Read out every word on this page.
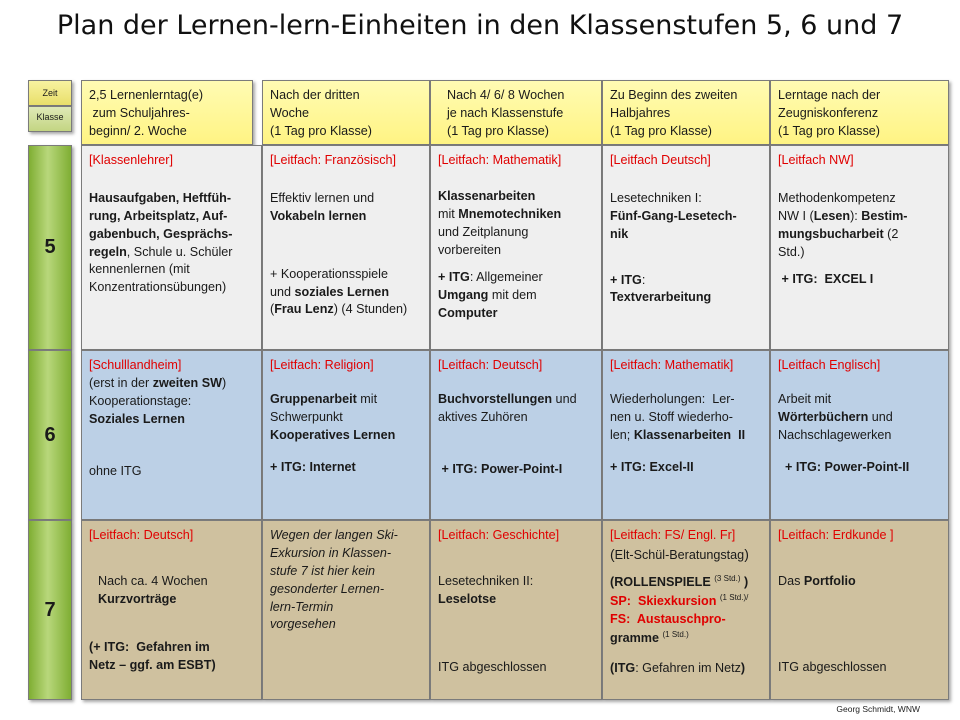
Plan der Lernen-lern-Einheiten in den Klassenstufen 5, 6 und 7
Zeit
Klasse
5
6
7
2,5 Lernenlerntag(e)
zum Schuljahres-
beginn/ 2. Woche
Nach der dritten
Woche
(1 Tag pro Klasse)
Nach 4/ 6/ 8 Wochen
je nach Klassenstufe
(1 Tag pro Klasse)
Zu Beginn des zweiten
Halbjahres
(1 Tag pro Klasse)
Lerntage nach der
Zeugniskonferenz
(1 Tag pro Klasse)
[Klassenlehrer]
Hausaufgaben, Heftfüh-
rung, Arbeitsplatz, Auf-
gabenbuch, Gesprächs-
regeln, Schule u. Schüler
kennenlernen (mit
Konzentrationsübungen)
[Leitfach: Französisch]
Effektiv lernen und
Vokabeln lernen
+ Kooperationsspiele
und soziales Lernen
(Frau Lenz) (4 Stunden)
[Leitfach: Mathematik]
Klassenarbeiten
mit Mnemotechniken
und Zeitplanung
vorbereiten
+ ITG: Allgemeiner
Umgang mit dem
Computer
[Leitfach Deutsch]
Lesetechniken I:
Fünf-Gang-Lesetech-
nik
+ ITG:
Textverarbeitung
[Leitfach NW]
Methodenkompetenz
NW I (Lesen): Bestim-
mungsbucharbeit (2
Std.)
+ ITG:  EXCEL I
[Schulllandheim]
(erst in der zweiten SW)
Kooperationstage:
Soziales Lernen
ohne ITG
[Leitfach: Religion]
Gruppenarbeit mit
Schwerpunkt
Kooperatives Lernen
+ ITG: Internet
[Leitfach: Deutsch]
Buchvorstellungen und
aktives Zuhören
+ ITG: Power-Point-I
[Leitfach: Mathematik]
Wiederholungen:  Ler-
nen u. Stoff wiederho-
len; Klassenarbeiten  II
+ ITG: Excel-II
[Leitfach Englisch]
Arbeit mit
Wörterbüchern und
Nachschlagewerken
+ ITG: Power-Point-II
[Leitfach: Deutsch]
Nach ca. 4 Wochen
Kurzvorträge
(+ ITG:  Gefahren im
Netz – ggf. am ESBT)
Wegen der langen Ski-
Exkursion in Klassen-
stufe 7 ist hier kein
gesonderter Lernen-
lern-Termin
vorgesehen
[Leitfach: Geschichte]
Lesetechniken II:
Leselotse
ITG abgeschlossen
[Leitfach: FS/ Engl. Fr]
(Elt-Schül-Beratungstag)
(ROLLENSPIELE $^{(3 Std.)}$ )
SP:  Skiexkursion $^{(1 Std.)/}$
FS:  Austauschpro-
gramme $^{(1 Std.)}$
(ITG: Gefahren im Netz)
[Leitfach: Erdkunde ]
Das Portfolio
ITG abgeschlossen
Georg Schmidt, WNW
